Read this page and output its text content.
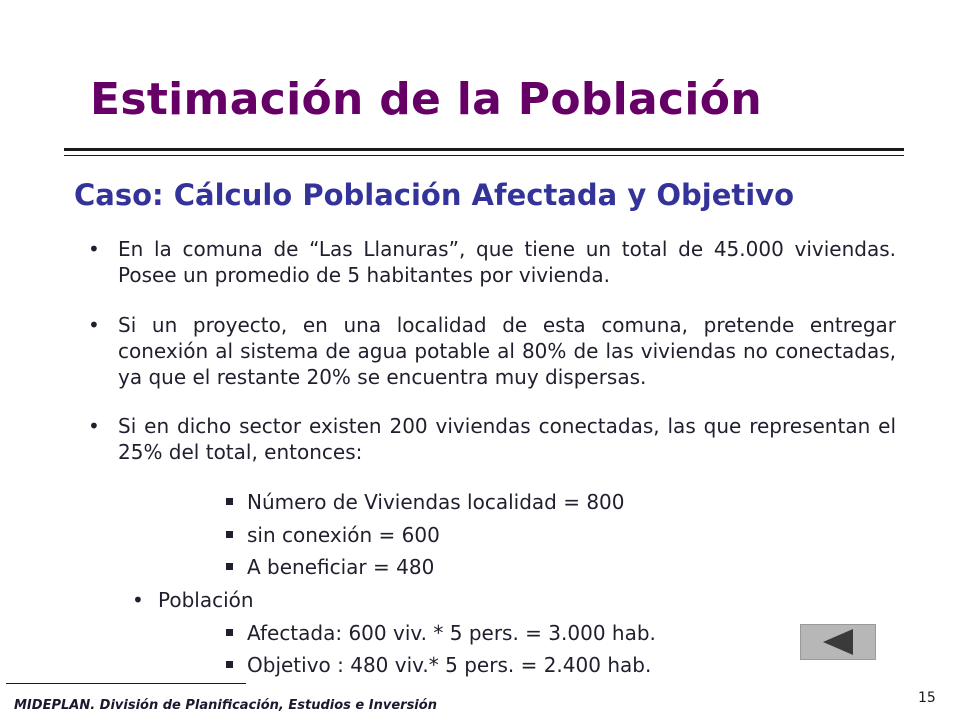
Estimación de la Población
Caso: Cálculo Población Afectada y Objetivo
• En la comuna de “Las Llanuras”, que tiene un total de 45.000 viviendas. Posee un promedio de 5 habitantes por vivienda.
• Si un proyecto, en una localidad de esta comuna, pretende entregar conexión al sistema de agua potable al 80% de las viviendas no conectadas, ya que el restante 20% se encuentra muy dispersas.
• Si en dicho sector existen 200 viviendas conectadas, las que representan el 25% del total, entonces:
Número de Viviendas localidad = 800
sin conexión = 600
A beneficiar = 480
• Población
Afectada: 600 viv. * 5 pers. = 3.000 hab.
Objetivo : 480 viv.* 5 pers. = 2.400 hab.
MIDEPLAN. División de Planificación, Estudios e Inversión	15
